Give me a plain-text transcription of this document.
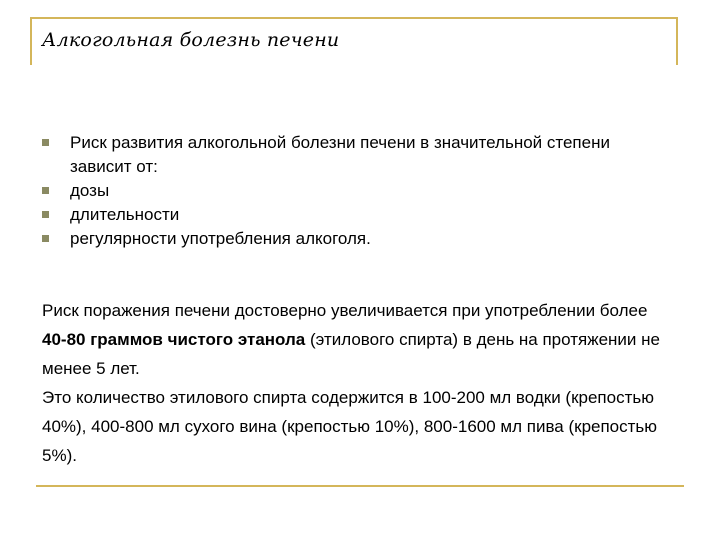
Алкогольная болезнь печени
Риск развития алкогольной болезни печени в значительной степени зависит от:
дозы
длительности
регулярности употребления алкоголя.

Риск поражения печени достоверно увеличивается при употреблении более 40-80 граммов чистого этанола (этилового спирта) в день на протяжении не менее 5 лет.

Это количество этилового спирта содержится в 100-200 мл водки (крепостью 40%), 400-800 мл сухого вина (крепостью 10%), 800-1600 мл пива (крепостью 5%).
